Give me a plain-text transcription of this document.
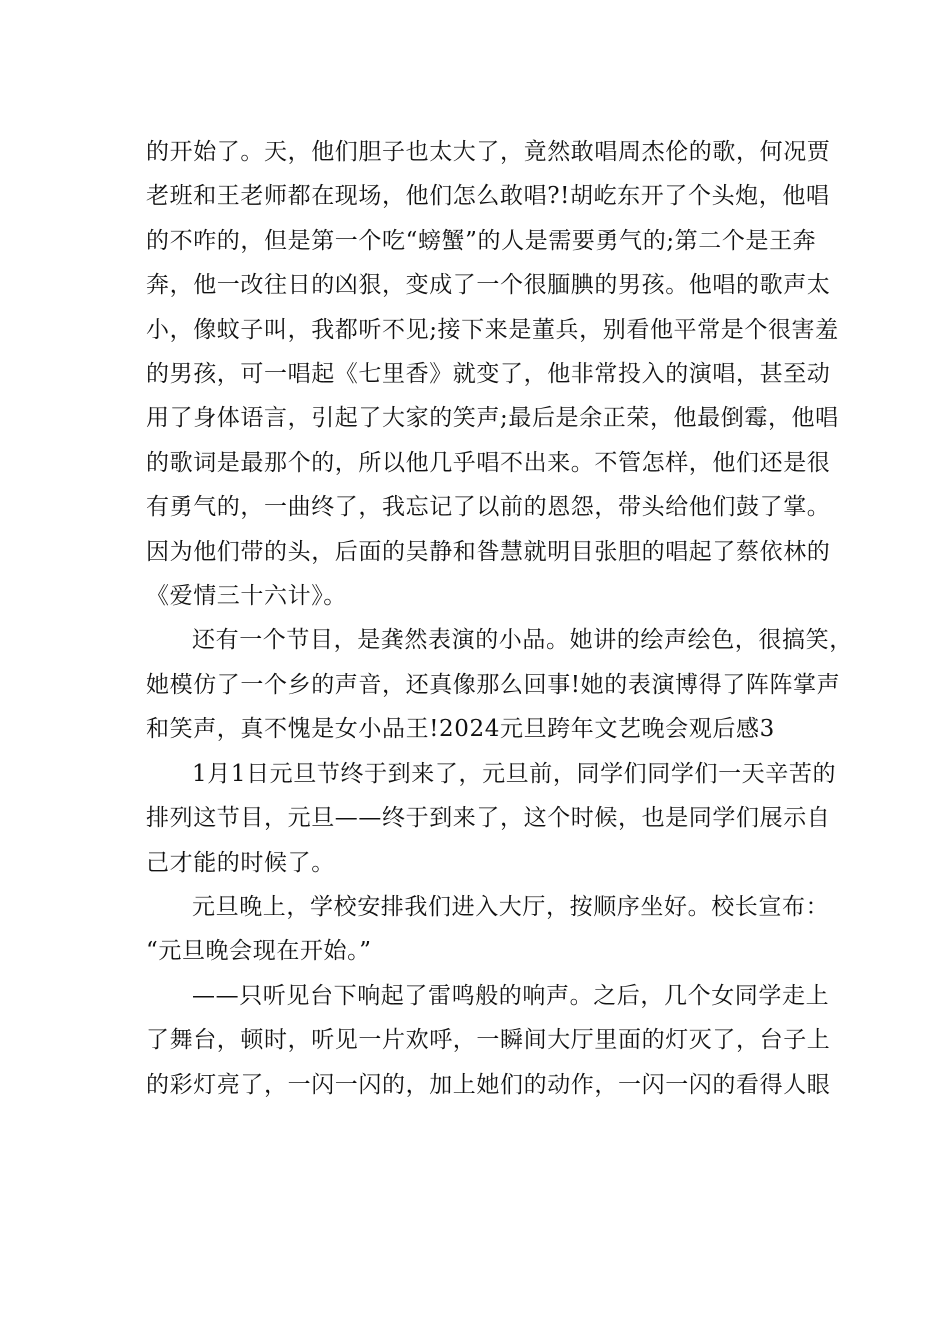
的开始了。天，他们胆子也太大了，竟然敢唱周杰伦的歌，何况贾
老班和王老师都在现场，他们怎么敢唱?!胡屹东开了个头炮，他唱
的不咋的，但是第一个吃“螃蟹”的人是需要勇气的;第二个是王奔
奔，他一改往日的凶狠，变成了一个很腼腆的男孩。他唱的歌声太
小，像蚊子叫，我都听不见;接下来是董兵，别看他平常是个很害羞
的男孩，可一唱起《七里香》就变了，他非常投入的演唱，甚至动
用了身体语言，引起了大家的笑声;最后是余正荣，他最倒霉，他唱
的歌词是最那个的，所以他几乎唱不出来。不管怎样，他们还是很
有勇气的，一曲终了，我忘记了以前的恩怨，带头给他们鼓了掌。
因为他们带的头，后面的吴静和昝慧就明目张胆的唱起了蔡依林的
《爱情三十六计》。
还有一个节目，是龚然表演的小品。她讲的绘声绘色，很搞笑，
她模仿了一个乡的声音，还真像那么回事!她的表演博得了阵阵掌声
和笑声，真不愧是女小品王!2024元旦跨年文艺晚会观后感3
1月1日元旦节终于到来了，元旦前，同学们同学们一天辛苦的
排列这节目，元旦——终于到来了，这个时候，也是同学们展示自
己才能的时候了。
元旦晚上，学校安排我们进入大厅，按顺序坐好。校长宣布：
“元旦晚会现在开始。”
——只听见台下响起了雷鸣般的响声。之后，几个女同学走上
了舞台，顿时，听见一片欢呼，一瞬间大厅里面的灯灭了，台子上
的彩灯亮了，一闪一闪的，加上她们的动作，一闪一闪的看得人眼
